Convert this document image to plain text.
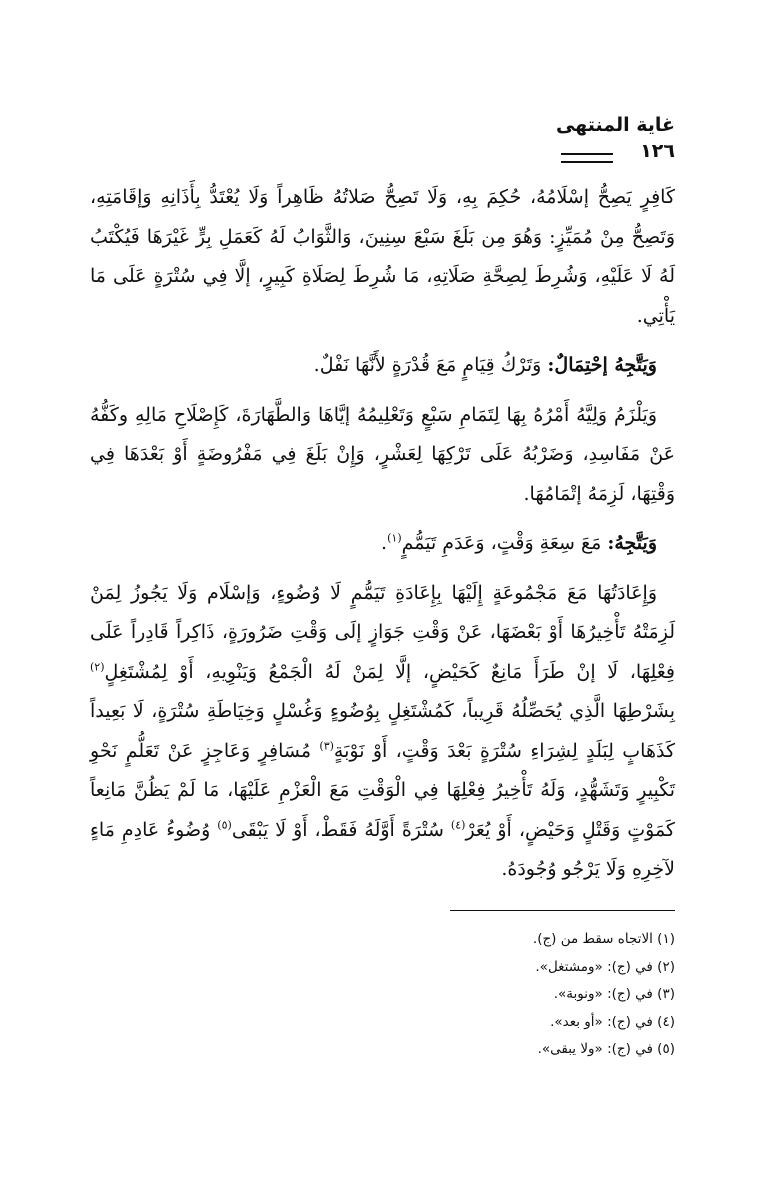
غاية المنتهى
١٢٦

كَافِرٍ يَصِحُّ إسْلَامُهُ، حُكِمَ بِهِ، وَلَا تَصِحُّ صَلاتُهُ ظَاهِراً وَلَا يُعْتَدُّ بِأَذَانِهِ وَإقَامَتِهِ، وَتَصِحُّ مِنْ مُمَيِّزٍ: وَهُوَ مِن بَلَغَ سَبْعَ سِنِينَ، وَالثَّوَابُ لَهُ كَعَمَلِ بِرٍّ غَيْرَهَا فَيُكْتَبُ لَهُ لَا عَلَيْهِ، وَشُرِطَ لِصِحَّةِ صَلَاتِهِ، مَا شُرِطَ لِصَلَاةِ كَبِيرٍ، إلَّا فِي سُتْرَةٍ عَلَى مَا يَأْتِي.

وَيَتَّجِهُ إحْتِمَالٌ: وَتَرْكُ قِيَامٍ مَعَ قُدْرَةٍ لأَنَّهَا نَفْلٌ.

وَيَلْزَمُ وَلِيَّهُ أَمْرُهُ بِهَا لِتَمَامِ سَبْعٍ وَتَعْلِيمُهُ إيَّاهَا وَالطَّهَارَةَ، كَإِصْلَاحِ مَالِهِ وكَفُّهُ عَنْ مَفَاسِدِ، وَضَرْبُهُ عَلَى تَرْكِهَا لِعَشْرٍ، وَإِنْ بَلَغَ فِي مَفْرُوضَةٍ أَوْ بَعْدَهَا فِي وَقْتِهَا، لَزِمَهُ إتْمَامُهَا.

وَيَتَّجِهُ: مَعَ سِعَةِ وَقْتٍ، وَعَدَمِ تَيَمُّمٍ$^{(١)}$.

وَإِعَادَتُهَا مَعَ مَجْمُوعَةٍ إِلَيْهَا بِإِعَادَةِ تَيَمُّمٍ لَا وُضُوءٍ، وَإسْلَام وَلَا يَجُوزُ لِمَنْ لَزِمَتْهُ تَأْخِيرُهَا أَوْ بَعْضَهَا، عَنْ وَقْتِ جَوَازٍ إلَى وَقْتِ ضَرُورَةٍ، ذَاكِراً قَادِراً عَلَى فِعْلِهَا، لَا إنْ طَرَأَ مَانِعٌ كَحَيْضٍ، إلَّا لِمَنْ لَهُ الْجَمْعُ وَيَنْوِيهِ، أَوْ لِمُشْتَغِلٍ$^{(٢)}$ بِشَرْطِهَا الَّذِي يُحَصِّلُهُ قَرِيباً، كَمُشْتَغِلٍ بِوُضُوءٍ وَغُسْلٍ وَخِيَاطَةِ سُتْرَةٍ، لَا بَعِيداً كَذَهَابٍ لِبَلَدٍ لِشِرَاءِ سُتْرَةٍ بَعْدَ وَقْتٍ، أَوْ نَوْبَةٍ$^{(٣)}$ مُسَافِرٍ وَعَاجِزٍ عَنْ تَعَلُّمٍ نَحْوِ تَكْبِيرٍ وَتَشَهُّدٍ، وَلَهُ تَأْخِيرُ فِعْلِهَا فِي الْوَقْتِ مَعَ الْعَزْمِ عَلَيْهَا، مَا لَمْ يَظُنَّ مَانِعاً كَمَوْتٍ وَقَتْلٍ وَحَيْضٍ، أَوْ يُعَرْ$^{(٤)}$ سُتْرَةً أَوَّلَهُ فَقَطْ، أَوْ لَا يَبْقَى$^{(٥)}$ وُضُوءُ عَادِمِ مَاءٍ لآخِرِهِ وَلَا يَرْجُو وُجُودَهُ.

(١) الاتجاه سقط من (ج).
(٢) في (ج): «ومشتغل».
(٣) في (ج): «ونوبة».
(٤) في (ج): «أو بعد».
(٥) في (ج): «ولا يبقى».
